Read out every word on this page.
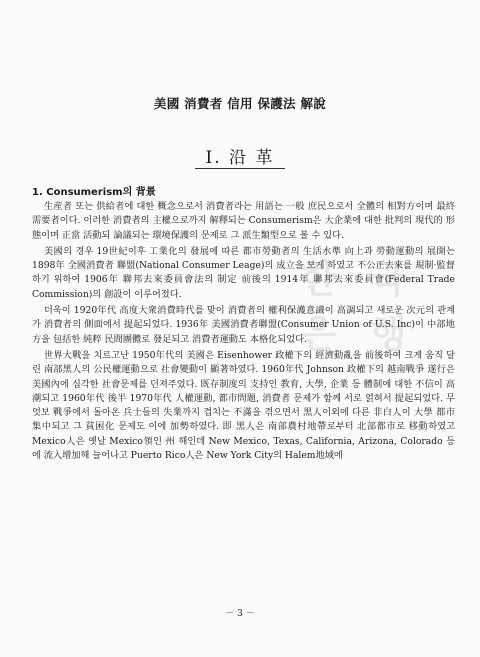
한 국 은 행
美國 消費者 信用 保護法 解說
I. 沿 革
1. Consumerism의 背景

生産者 또는 供給者에 대한 概念으로서 消費者라는 用語는 一般 庶民으로서 全體의 相對方이며 最終需要者이다. 이러한 消費者의 主權으로까지 解釋되는 Consumerism은 大企業에 대한 批判의 現代的 形態이며 正當 活動되 論議되는 環境保護의 문제로 그 派生類型으로 볼 수 있다.

美國의 경우 19世紀이후 工業化의 發展에 따른 都市勞動者의 生活水準 向上과 勞動運動의 展開는 1898年 全國消費者 聯盟(National Consumer Leage)의 成立을 보게 하였고 不公正去來를 規制·監督하기 위하여 1906年 聯邦去來委員會法의 制定 前後의 1914年 聯邦去來委員會(Federal Trade Commission)의 創設이 이루어졌다.

더욱이 1920年代 高度大衆消費時代를 맞이 消費者의 權利保護意識이 高調되고 새로운 次元의 관계가 消費者의 側面에서 提起되었다. 1936年 美國消費者聯盟(Consumer Union of U.S. Inc)이 中部地方을 包括한 純粹 民間團體로 發足되고 消費者運動도 本格化되었다.

世界大戰을 치르고난 1950年代의 美國은 Eisenhower 政權下의 經濟動亂을 前後하여 크게 움직 달린 南部黑人의 公民權運動으로 社會變動이 顯著하였다. 1960年代 Johnson 政權下의 越南戰爭 遂行은 美國內에 심각한 社會문제를 던져주었다. 既存制度의 支持인 教育, 大學, 企業 등 體制에 대한 不信이 高潮되고 1960年代 後半 1970年代 人權運動, 都市問題, 消費者 문제가 함께 서로 얽혀서 提起되었다. 무엇보 戰爭에서 돌아온 兵士들의 失業까지 겹치는 不滿을 겪으면서 黑人이외에 다른 非白人이 大學 都市 集中되고 그 貧困化 문제도 이에 加勢하였다. 即 黑人은 南部農村地帶로부터 北部都市로 移動하였고 Mexico人은 옛날 Mexico領인 州 해인데 New Mexico, Texas, California, Arizona, Colorado 등에 流入增加해 늘어나고 Puerto Rico人은 New York City의 Halem地域에

－ 3 －
